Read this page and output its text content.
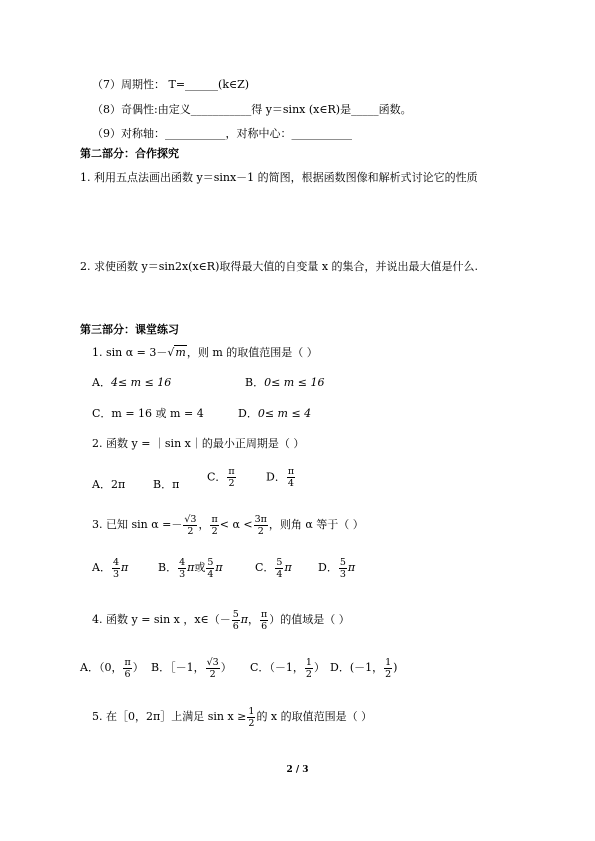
（7）周期性： T=______(k∈Z)
（8）奇偶性:由定义___________得 y＝sinx (x∈R)是_____函数。
（9）对称轴：___________，对称中心：___________
第二部分：合作探究
1. 利用五点法画出函数 y＝sinx－1 的简图，根据函数图像和解析式讨论它的性质
2. 求使函数 y＝sin2x(x∈R)取得最大值的自变量 x 的集合，并说出最大值是什么.
第三部分：课堂练习
1. sin α = 3－√m，则 m 的取值范围是（ ）
A．4≤ m ≤ 16	B．0≤ m ≤ 16
C．m = 16 或 m = 4	D．0≤ m ≤ 4
2. 函数 y = ｜sin x｜的最小正周期是（ ）
A．2π	B．π
C． $\frac{\pi}{2}$	D． $\frac{\pi}{4}$
3. 已知 $\sin \alpha =- \frac{√3}{2}$ ， $\frac{\pi}{2} < \alpha < \frac{3\pi}{2}$ ，则角 α 等于（ ）
A． $\frac{4}{3}$ π	B． $\frac{4}{3}$ π或 $\frac{5}{4}$ π	C． $\frac{5}{4}$ π D． $\frac{5}{3}$ π
4. 函数 y = sin x ，x∈（－ $\frac{5}{6}$ π， $\frac{\pi}{6}$ ）的值域是（ ）
A．（0， $\frac{\pi}{6}$ ） B．［－1， $\frac{√3}{2}$ ） C．（－1， $\frac{1}{2}$ ） D．(－1， $\frac{1}{2}$ )
5. 在［0，2π］上满足 $\sin x \ge \frac{1}{2}$ 的 x 的取值范围是（ ）
2 / 3
